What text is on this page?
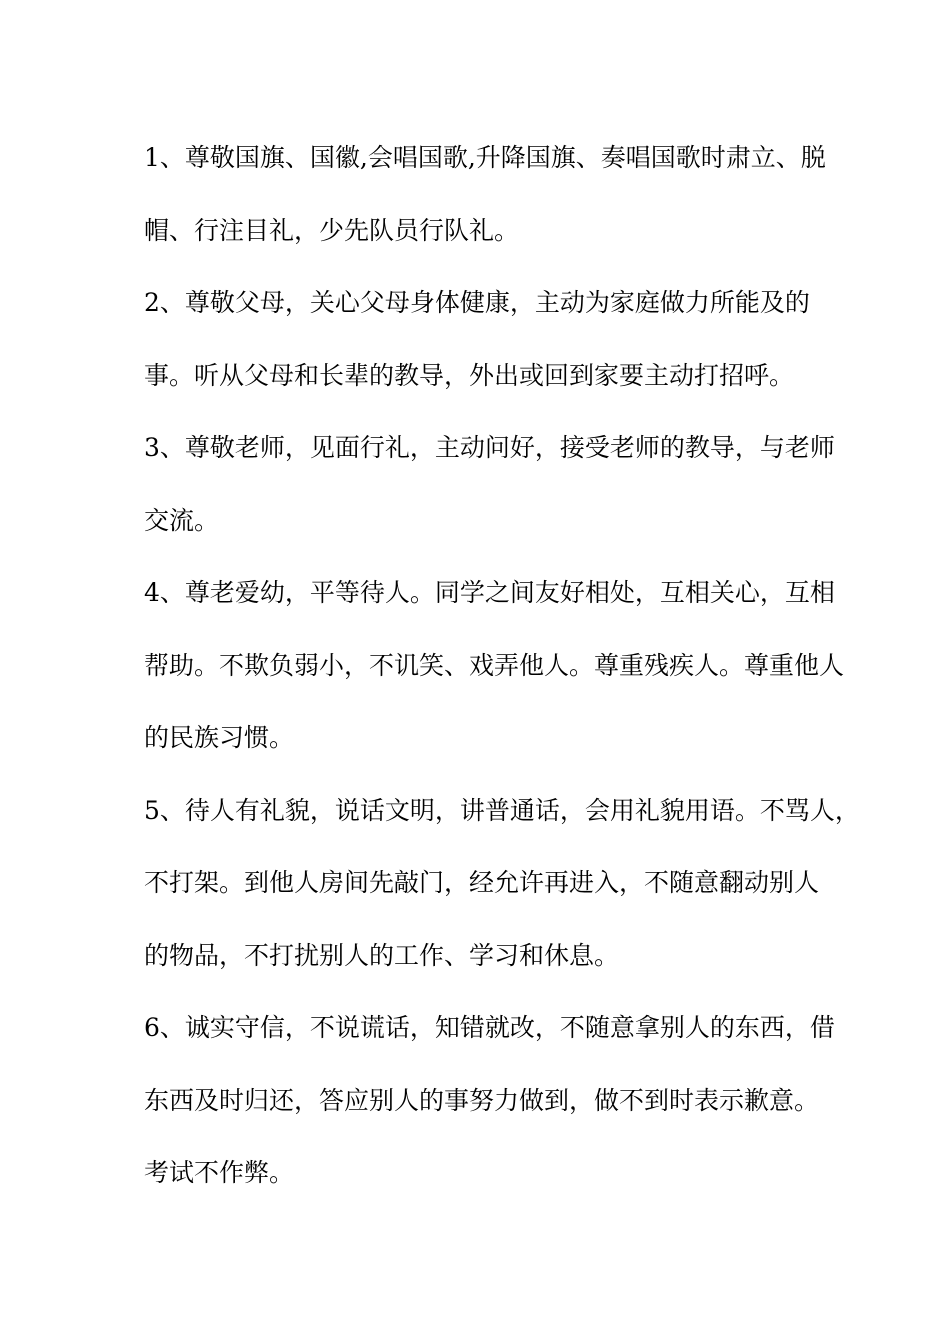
1、尊敬国旗、国徽,会唱国歌,升降国旗、奏唱国歌时肃立、脱

帽、行注目礼，少先队员行队礼。

2、尊敬父母，关心父母身体健康，主动为家庭做力所能及的

事。听从父母和长辈的教导，外出或回到家要主动打招呼。

3、尊敬老师，见面行礼，主动问好，接受老师的教导，与老师

交流。

4、尊老爱幼，平等待人。同学之间友好相处，互相关心，互相

帮助。不欺负弱小，不讥笑、戏弄他人。尊重残疾人。尊重他人

的民族习惯。

5、待人有礼貌，说话文明，讲普通话，会用礼貌用语。不骂人，

不打架。到他人房间先敲门，经允许再进入，不随意翻动别人

的物品，不打扰别人的工作、学习和休息。

6、诚实守信，不说谎话，知错就改，不随意拿别人的东西，借

东西及时归还，答应别人的事努力做到，做不到时表示歉意。

考试不作弊。
